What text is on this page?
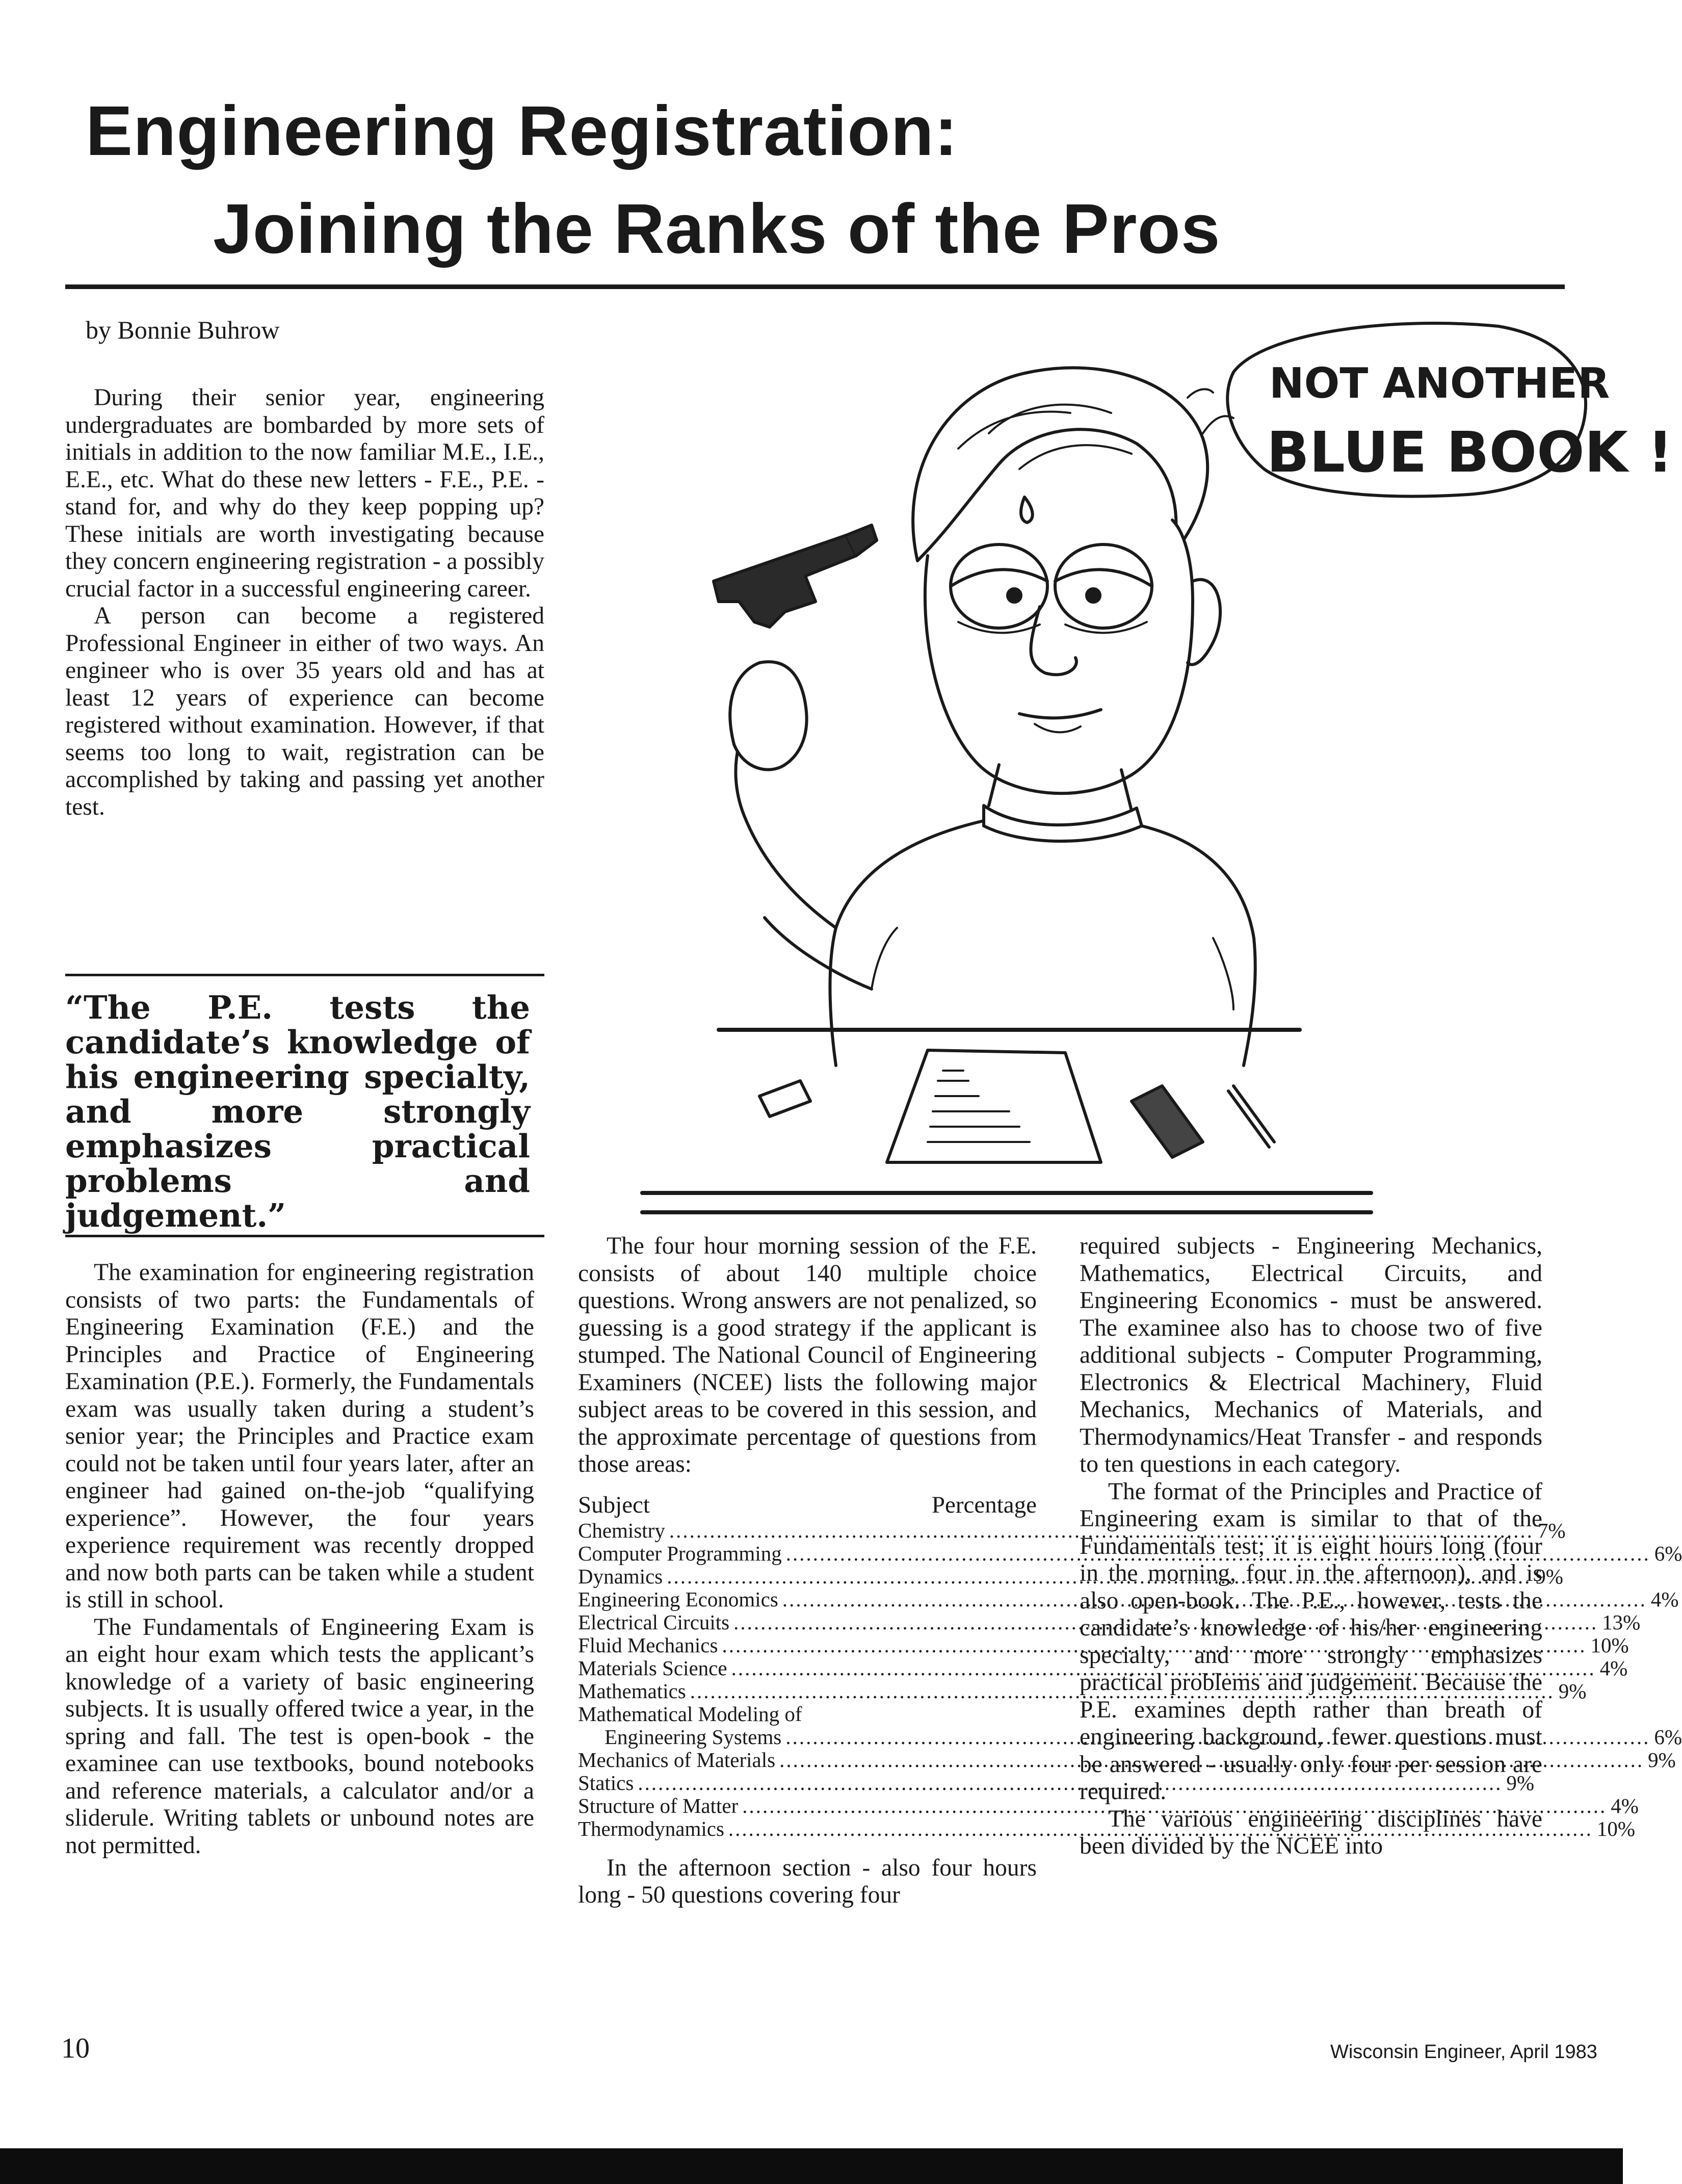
Engineering Registration:
Joining the Ranks of the Pros
by Bonnie Buhrow

During their senior year, engineering undergraduates are bombarded by more sets of initials in addition to the now familiar M.E., I.E., E.E., etc. What do these new letters - F.E., P.E. - stand for, and why do they keep popping up? These initials are worth investigating because they concern engineering registration - a possibly crucial factor in a successful engineering career.

A person can become a registered Professional Engineer in either of two ways. An engineer who is over 35 years old and has at least 12 years of experience can become registered without examination. However, if that seems too long to wait, registration can be accomplished by taking and passing yet another test.

“The P.E. tests the candidate’s knowledge of his engineering specialty, and more strongly emphasizes practical problems and judgement.”

NOT ANOTHER
BLUE BOOK !

The examination for engineering registration consists of two parts: the Fundamentals of Engineering Examination (F.E.) and the Principles and Practice of Engineering Examination (P.E.). Formerly, the Fundamentals exam was usually taken during a student’s senior year; the Principles and Practice exam could not be taken until four years later, after an engineer had gained on-the-job “qualifying experience”. However, the four years experience requirement was recently dropped and now both parts can be taken while a student is still in school.

The Fundamentals of Engineering Exam is an eight hour exam which tests the applicant’s knowledge of a variety of basic engineering subjects. It is usually offered twice a year, in the spring and fall. The test is open-book - the examinee can use textbooks, bound notebooks and reference materials, a calculator and/or a sliderule. Writing tablets or unbound notes are not permitted.

The four hour morning session of the F.E. consists of about 140 multiple choice questions. Wrong answers are not penalized, so guessing is a good strategy if the applicant is stumped. The National Council of Engineering Examiners (NCEE) lists the following major subject areas to be covered in this session, and the approximate percentage of questions from those areas:

Subject	Percentage
Chemistry .....	7%
Computer Programming .....	6%
Dynamics .....	9%
Engineering Economics .....	4%
Electrical Circuits .....	13%
Fluid Mechanics .....	10%
Materials Science .....	4%
Mathematics .....	9%
Mathematical Modeling of
Engineering Systems .....	6%
Mechanics of Materials .....	9%
Statics .....	9%
Structure of Matter .....	4%
Thermodynamics .....	10%

In the afternoon section - also four hours long - 50 questions covering four

required subjects - Engineering Mechanics, Mathematics, Electrical Circuits, and Engineering Economics - must be answered. The examinee also has to choose two of five additional subjects - Computer Programming, Electronics & Electrical Machinery, Fluid Mechanics, Mechanics of Materials, and Thermodynamics/Heat Transfer - and responds to ten questions in each category.

The format of the Principles and Practice of Engineering exam is similar to that of the Fundamentals test; it is eight hours long (four in the morning, four in the afternoon), and is also open-book. The P.E., however, tests the candidate’s knowledge of his/her engineering specialty, and more strongly emphasizes practical problems and judgement. Because the P.E. examines depth rather than breath of engineering background, fewer questions must be answered - usually only four per session are required.

The various engineering disciplines have been divided by the NCEE into

10	Wisconsin Engineer, April 1983
